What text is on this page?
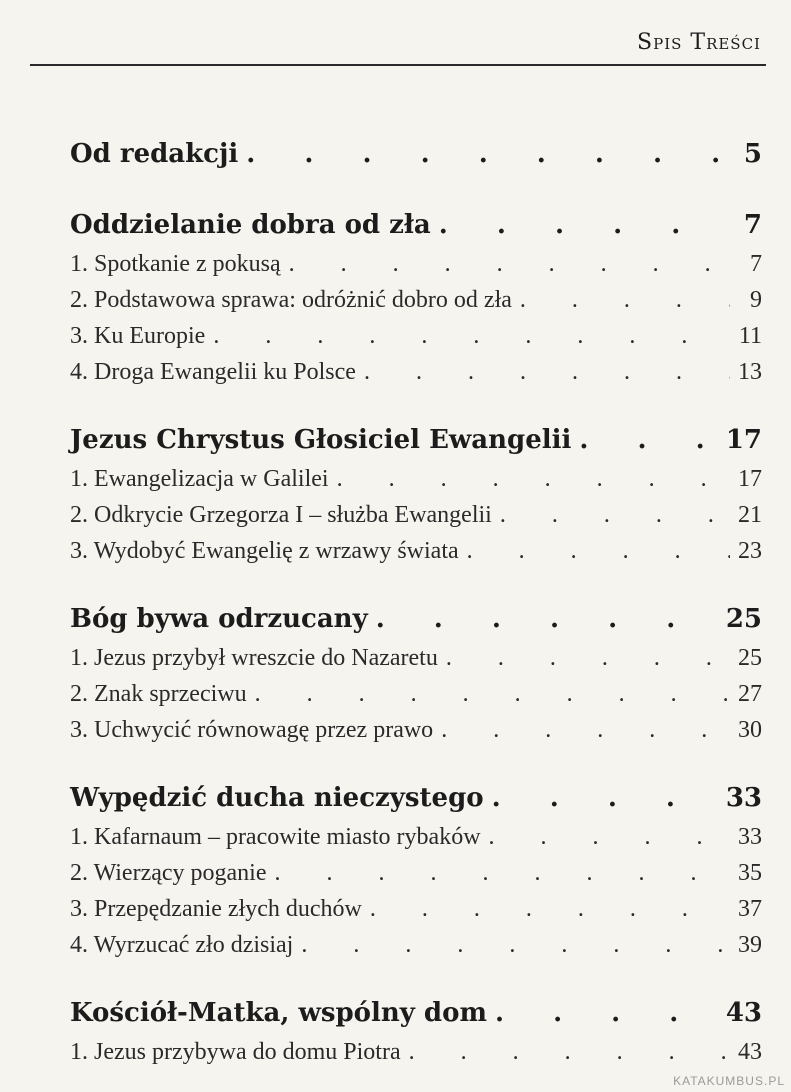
Spis Treści
Od redakcji . . .	5
Oddzielanie dobra od zła . . .	7
1. Spotkanie z pokusą . . .	7
2. Podstawowa sprawa: odróżnić dobro od zła . . .	9
3. Ku Europie . . .	11
4. Droga Ewangelii ku Polsce . . .	13
Jezus Chrystus Głosiciel Ewangelii . . .	17
1. Ewangelizacja w Galilei . . .	17
2. Odkrycie Grzegorza I – służba Ewangelii . . .	21
3. Wydobyć Ewangelię z wrzawy świata . . .	23
Bóg bywa odrzucany . . .	25
1. Jezus przybył wreszcie do Nazaretu . . .	25
2. Znak sprzeciwu . . .	27
3. Uchwycić równowagę przez prawo . . .	30
Wypędzić ducha nieczystego . . .	33
1. Kafarnaum – pracowite miasto rybaków . . .	33
2. Wierzący poganie . . .	35
3. Przepędzanie złych duchów . . .	37
4. Wyrzucać zło dzisiaj . . .	39
Kościół-Matka, wspólny dom . . .	43
1. Jezus przybywa do domu Piotra . . .	43
KATAKUMBUS.PL
